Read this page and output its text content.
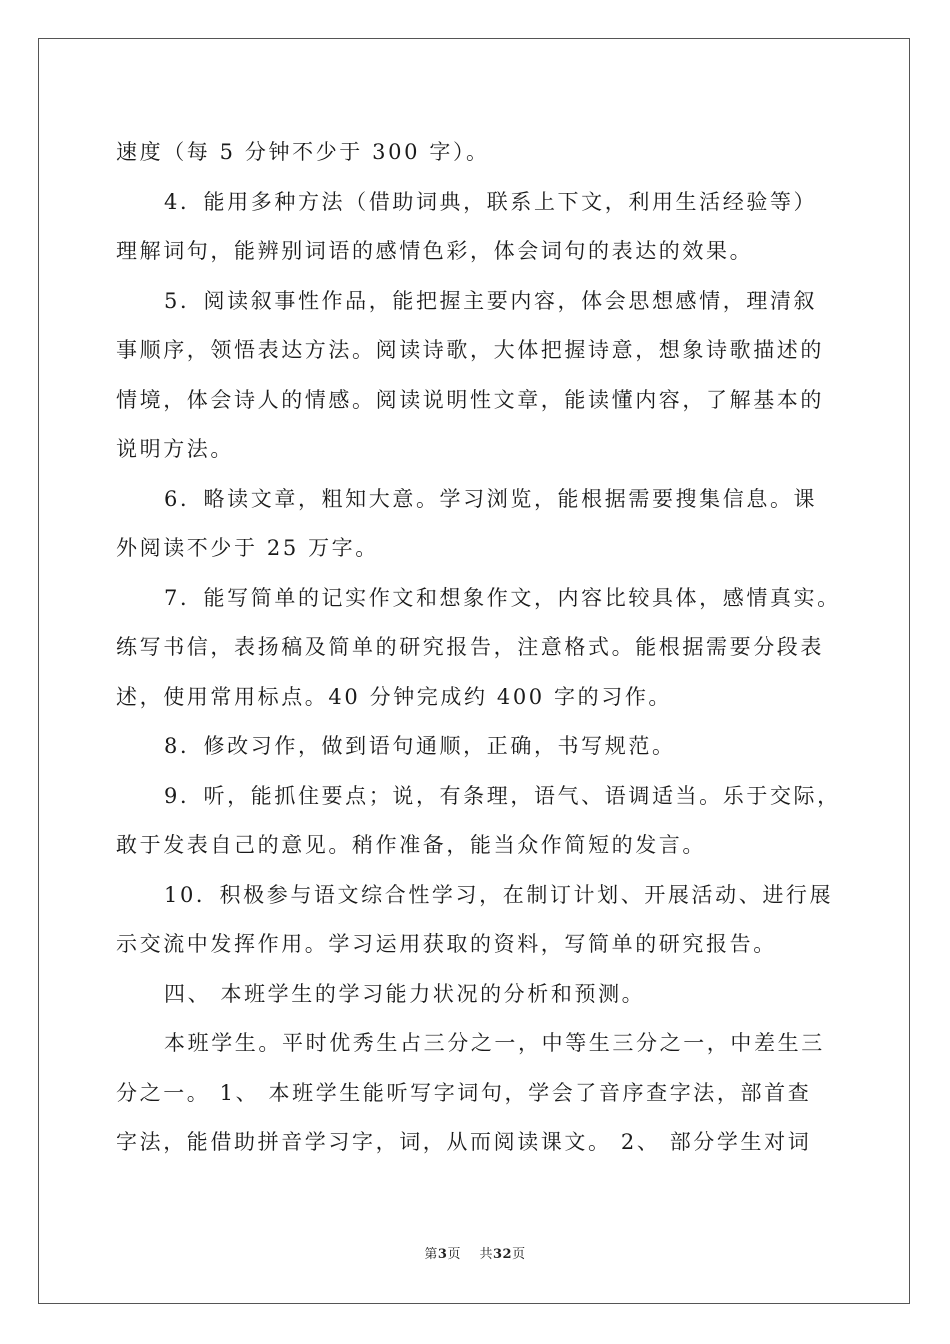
速度（每 5 分钟不少于 300 字）。
4．能用多种方法（借助词典，联系上下文，利用生活经验等）
理解词句，能辨别词语的感情色彩，体会词句的表达的效果。
5．阅读叙事性作品，能把握主要内容，体会思想感情，理清叙
事顺序，领悟表达方法。阅读诗歌，大体把握诗意，想象诗歌描述的
情境，体会诗人的情感。阅读说明性文章，能读懂内容，了解基本的
说明方法。
6．略读文章，粗知大意。学习浏览，能根据需要搜集信息。课
外阅读不少于 25 万字。
7．能写简单的记实作文和想象作文，内容比较具体，感情真实。
练写书信，表扬稿及简单的研究报告，注意格式。能根据需要分段表
述，使用常用标点。40 分钟完成约 400 字的习作。
8．修改习作，做到语句通顺，正确，书写规范。
9．听，能抓住要点；说，有条理，语气、语调适当。乐于交际，
敢于发表自己的意见。稍作准备，能当众作简短的发言。
10．积极参与语文综合性学习，在制订计划、开展活动、进行展
示交流中发挥作用。学习运用获取的资料，写简单的研究报告。
四、 本班学生的学习能力状况的分析和预测。
本班学生。平时优秀生占三分之一，中等生三分之一，中差生三
分之一。 1、 本班学生能听写字词句，学会了音序查字法，部首查
字法，能借助拼音学习字，词，从而阅读课文。 2、 部分学生对词
第3页 共32页
